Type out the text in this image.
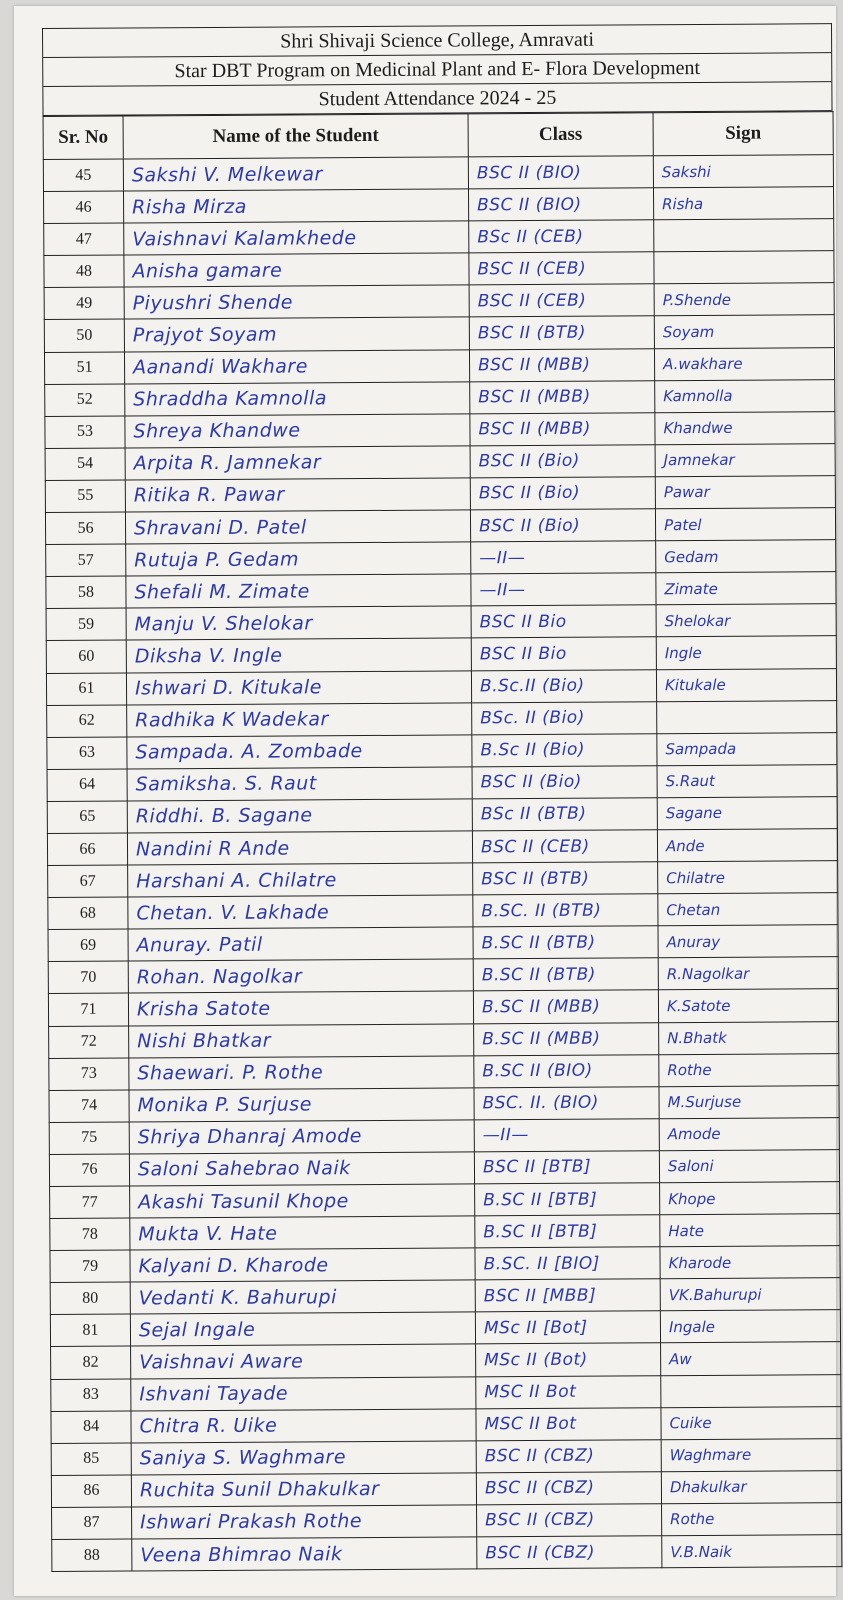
Shri Shivaji Science College, Amravati
Star DBT Program on Medicinal Plant and E- Flora Development
Student Attendance 2024 - 25
Sr. No	Name of the Student	Class	Sign
45	Sakshi V. Melkewar	BSC II (BIO)	Sakshi
46	Risha Mirza	BSC II (BIO)	Risha
47	Vaishnavi Kalamkhede	BSc II (CEB)	
48	Anisha gamare	BSC II (CEB)	
49	Piyushri Shende	BSC II (CEB)	P.Shende
50	Prajyot Soyam	BSC II (BTB)	Soyam
51	Aanandi Wakhare	BSC II (MBB)	A.wakhare
52	Shraddha Kamnolla	BSC II (MBB)	Kamnolla
53	Shreya Khandwe	BSC II (MBB)	Khandwe
54	Arpita R. Jamnekar	BSC II (Bio)	Jamnekar
55	Ritika R. Pawar	BSC II (Bio)	Pawar
56	Shravani D. Patel	BSC II (Bio)	Patel
57	Rutuja P. Gedam	—II—	Gedam
58	Shefali M. Zimate	—II—	Zimate
59	Manju V. Shelokar	BSC II Bio	Shelokar
60	Diksha V. Ingle	BSC II Bio	Ingle
61	Ishwari D. Kitukale	B.Sc.II (Bio)	Kitukale
62	Radhika K Wadekar	BSc. II (Bio)	
63	Sampada. A. Zombade	B.Sc II (Bio)	Sampada
64	Samiksha. S. Raut	BSC II (Bio)	S.Raut
65	Riddhi. B. Sagane	BSc II (BTB)	Sagane
66	Nandini R Ande	BSC II (CEB)	Ande
67	Harshani A. Chilatre	BSC II (BTB)	Chilatre
68	Chetan. V. Lakhade	B.SC. II (BTB)	Chetan
69	Anuray. Patil	B.SC II (BTB)	Anuray
70	Rohan. Nagolkar	B.SC II (BTB)	R.Nagolkar
71	Krisha Satote	B.SC II (MBB)	K.Satote
72	Nishi Bhatkar	B.SC II (MBB)	N.Bhatk
73	Shaewari. P. Rothe	B.SC II (BIO)	Rothe
74	Monika P. Surjuse	BSC. II. (BIO)	M.Surjuse
75	Shriya Dhanraj Amode	—II—	Amode
76	Saloni Sahebrao Naik	BSC II [BTB]	Saloni
77	Akashi Tasunil Khope	B.SC II [BTB]	Khope
78	Mukta V. Hate	B.SC II [BTB]	Hate
79	Kalyani D. Kharode	B.SC. II [BIO]	Kharode
80	Vedanti K. Bahurupi	BSC II [MBB]	VK.Bahurupi
81	Sejal Ingale	MSc II [Bot]	Ingale
82	Vaishnavi Aware	MSc II (Bot)	Aw
83	Ishvani Tayade	MSC II Bot	
84	Chitra R. Uike	MSC II Bot	Cuike
85	Saniya S. Waghmare	BSC II (CBZ)	Waghmare
86	Ruchita Sunil Dhakulkar	BSC II (CBZ)	Dhakulkar
87	Ishwari Prakash Rothe	BSC II (CBZ)	Rothe
88	Veena Bhimrao Naik	BSC II (CBZ)	V.B.Naik
